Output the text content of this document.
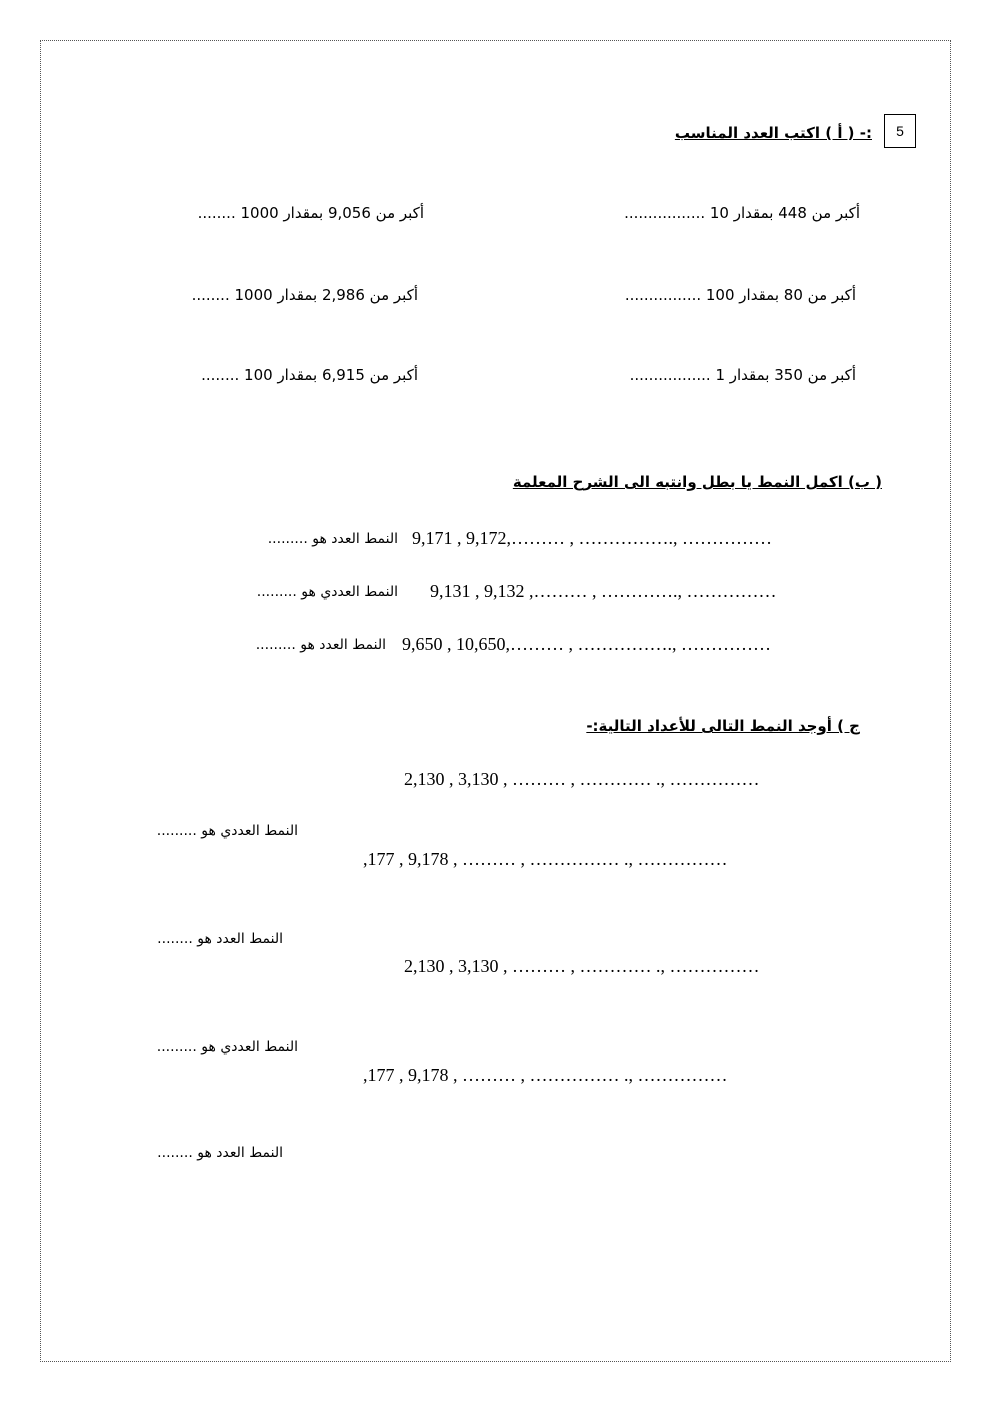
5
:- ( أ ) اكتب العدد المناسب
أكبر من 448 بمقدار 10 .................
أكبر من 9,056 بمقدار 1000 ........
أكبر من 80 بمقدار 100 ................
أكبر من 2,986 بمقدار 1000 ........
أكبر من 350 بمقدار 1 .................
أكبر من 6,915 بمقدار 100 ........
( ب) اكمل النمط يا بطل وانتبه الى الشرح المعلمة
9,171 , 9,172,……… , ……………., ……………
النمط العدد هو .........
9,131 , 9,132 ,……… , …………., ……………
النمط العددي هو .........
9,650 , 10,650,……… , ……………., ……………
النمط العدد هو .........
ج ) أوجد النمط التالى للأعداد التالية:-
2,130 , 3,130 , ……… , ………… ., ……………
النمط العددي هو .........
,177 , 9,178 , ……… , …………… ., ……………
النمط العدد هو ........
2,130 , 3,130 , ……… , ………… ., ……………
النمط العددي هو .........
,177 , 9,178 , ……… , …………… ., ……………
النمط العدد هو ........
